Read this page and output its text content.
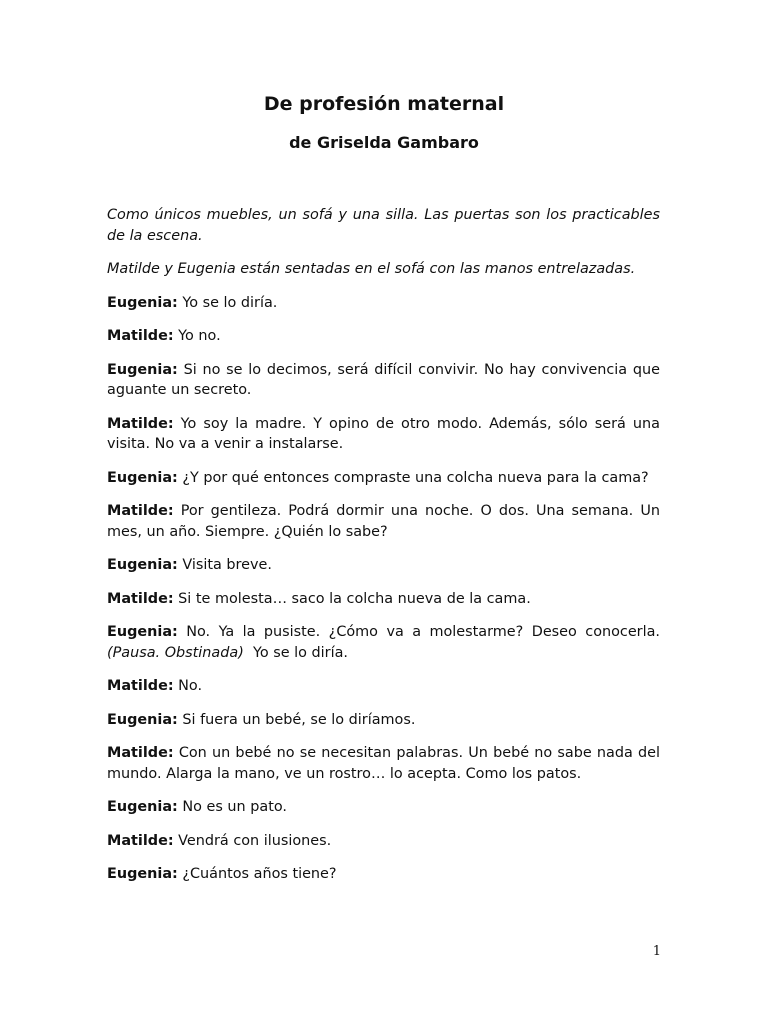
De profesión maternal
de Griselda Gambaro

Como únicos muebles, un sofá y una silla. Las puertas son los practicables de la escena.

Matilde y Eugenia están sentadas en el sofá con las manos entrelazadas.

Eugenia: Yo se lo diría.

Matilde: Yo no.

Eugenia: Si no se lo decimos, será difícil convivir. No hay convivencia que aguante un secreto.

Matilde: Yo soy la madre. Y opino de otro modo. Además, sólo será una visita. No va a venir a instalarse.

Eugenia: ¿Y por qué entonces compraste una colcha nueva para la cama?

Matilde: Por gentileza. Podrá dormir una noche. O dos. Una semana. Un mes, un año. Siempre. ¿Quién lo sabe?

Eugenia: Visita breve.

Matilde: Si te molesta… saco la colcha nueva de la cama.

Eugenia: No. Ya la pusiste. ¿Cómo va a molestarme? Deseo conocerla. (Pausa. Obstinada) Yo se lo diría.

Matilde: No.

Eugenia: Si fuera un bebé, se lo diríamos.

Matilde: Con un bebé no se necesitan palabras. Un bebé no sabe nada del mundo. Alarga la mano, ve un rostro… lo acepta. Como los patos.

Eugenia: No es un pato.

Matilde: Vendrá con ilusiones.

Eugenia: ¿Cuántos años tiene?

1
